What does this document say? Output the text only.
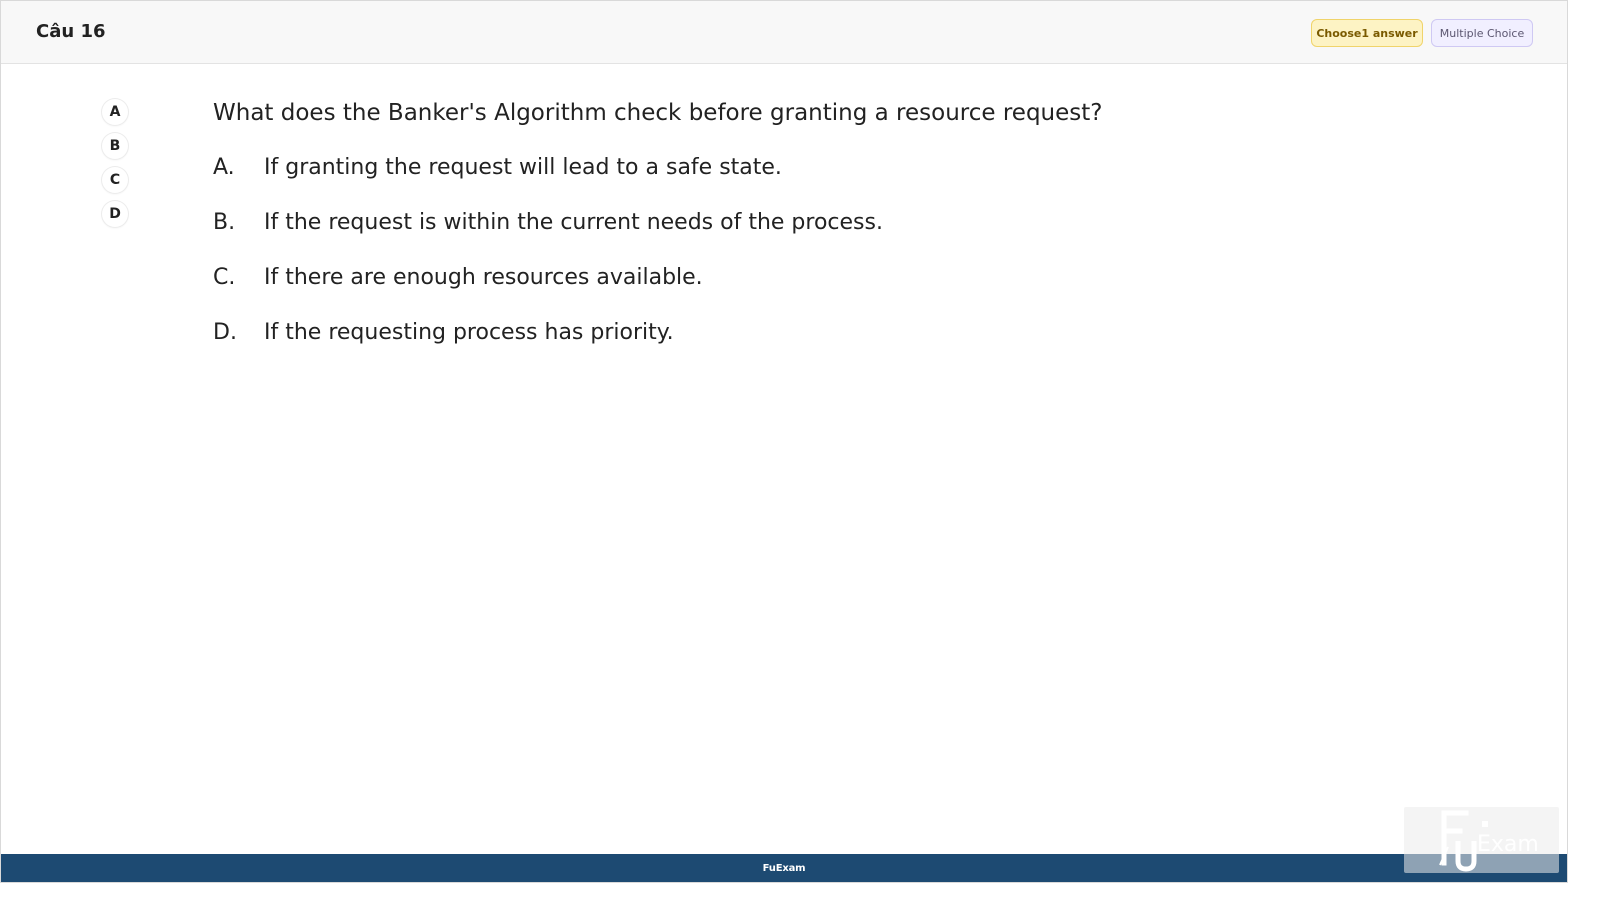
Câu 16	Choose1 answer	Multiple Choice
A
B
C
D
What does the Banker's Algorithm check before granting a resource request?
A.	If granting the request will lead to a safe state.
B.	If the request is within the current needs of the process.
C.	If there are enough resources available.
D.	If the requesting process has priority.
FuExam
Exam
